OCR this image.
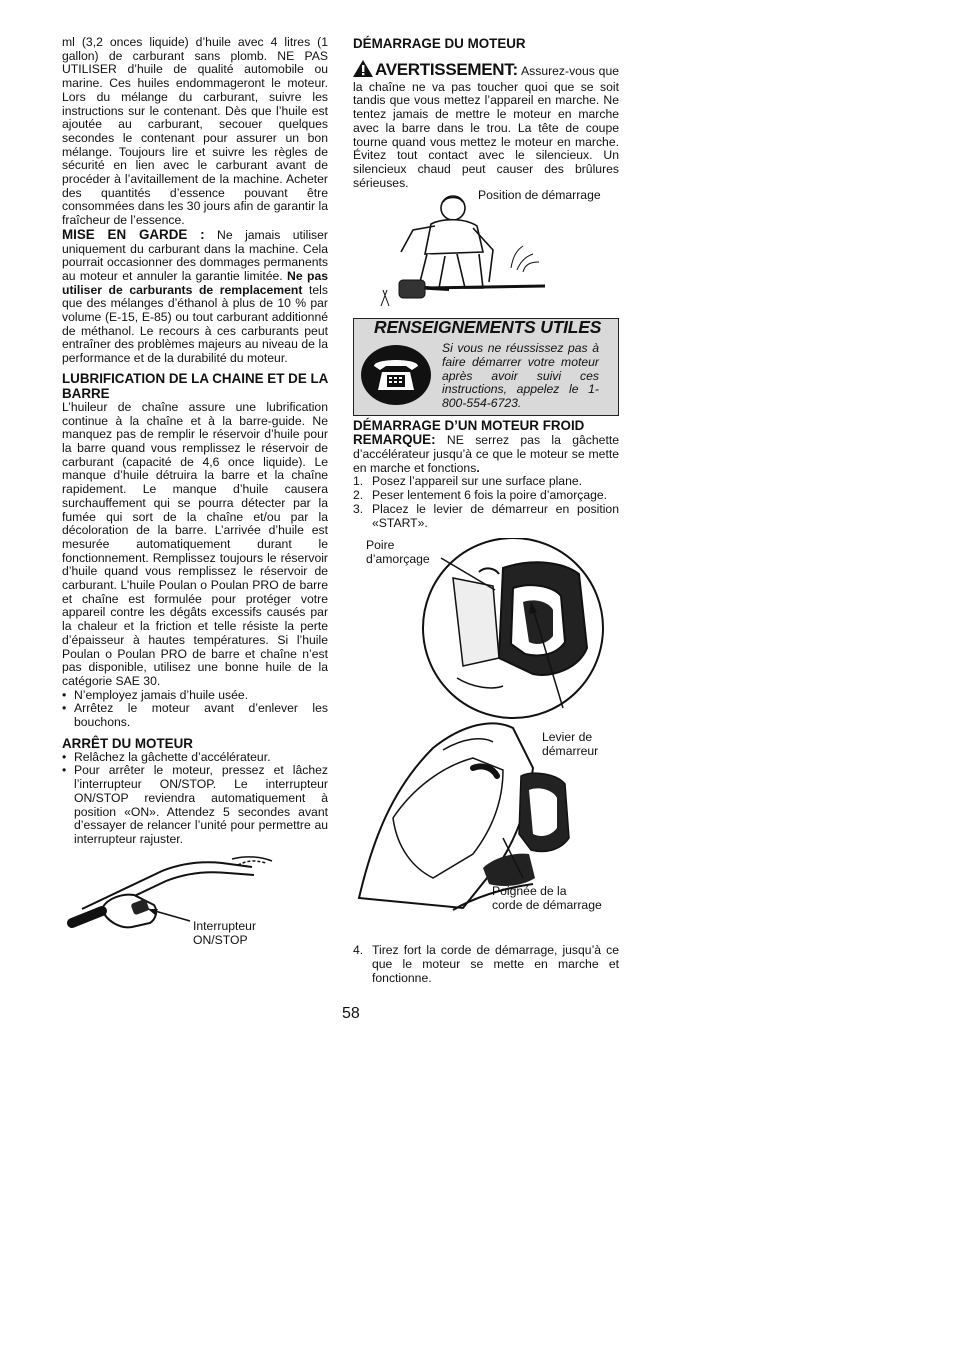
ml (3,2 onces liquide) d’huile avec 4 litres (1 gallon) de carburant sans plomb. NE PAS UTILISER d’huile de qualité automobile ou marine. Ces huiles endommageront le moteur. Lors du mélange du carburant, suivre les instructions sur le contenant. Dès que l’huile est ajoutée au carburant, secouer quelques secondes le contenant pour assurer un bon mélange. Toujours lire et suivre les règles de sécurité en lien avec le carburant avant de procéder à l’avitaillement de la machine. Acheter des quantités d’essence pouvant être consommées dans les 30 jours afin de garantir la fraîcheur de l’essence.

MISE EN GARDE : Ne jamais utiliser uniquement du carburant dans la machine. Cela pourrait occasionner des dommages permanents au moteur et annuler la garantie limitée. Ne pas utiliser de carburants de remplacement tels que des mélanges d’éthanol à plus de 10 % par volume (E-15, E-85) ou tout carburant additionné de méthanol. Le recours à ces carburants peut entraîner des problèmes majeurs au niveau de la performance et de la durabilité du moteur.

LUBRIFICATION DE LA CHAINE ET DE LA BARRE

L’huileur de chaîne assure une lubrification continue à la chaîne et à la barre-guide. Ne manquez pas de remplir le réservoir d’huile pour la barre quand vous remplissez le réservoir de carburant (capacité de 4,6 once liquide). Le manque d’huile détruira la barre et la chaîne rapidement. Le manque d’huile causera surchauffement qui se pourra détecter par la fumée qui sort de la chaîne et/ou par la décoloration de la barre. L’arrivée d’huile est mesurée automatiquement durant le fonctionnement. Remplissez toujours le réservoir d’huile quand vous remplissez le réservoir de carburant. L’huile Poulan o Poulan PRO de barre et chaîne est formulée pour protéger votre appareil contre les dégâts excessifs causés par la chaleur et la friction et telle résiste la perte d’épaisseur à hautes températures. Si l’huile Poulan o Poulan PRO de barre et chaîne n’est pas disponible, utilisez une bonne huile de la catégorie SAE 30.

• N’employez jamais d’huile usée.
• Arrêtez le moteur avant d’enlever les bouchons.
ARRÊT DU MOTEUR
• Relâchez la gâchette d’accélérateur.
• Pour arrêter le moteur, pressez et lâchez l’interrupteur ON/STOP. Le interrupteur ON/STOP reviendra automatiquement à position «ON». Attendez 5 secondes avant d’essayer de relancer l’unité pour permettre au interrupteur rajuster.
Interrupteur
ON/STOP
DÉMARRAGE DU MOTEUR

AVERTISSEMENT: Assurez-vous que la chaîne ne va pas toucher quoi que se soit tandis que vous mettez l’appareil en marche. Ne tentez jamais de mettre le moteur en marche avec la barre dans le trou. La tête de coupe tourne quand vous mettez le moteur en marche. Évitez tout contact avec le silencieux. Un silencieux chaud peut causer des brûlures sérieuses.

Position de démarrage
RENSEIGNEMENTS UTILES
Si vous ne réussissez pas à faire démarrer votre moteur après avoir suivi ces instructions, appelez le 1-800-554-6723.
DÉMARRAGE D’UN MOTEUR FROID

REMARQUE: NE serrez pas la gâchette d’accélérateur jusqu’à ce que le moteur se mette en marche et fonctions.

1. Posez l’appareil sur une surface plane.
2. Peser lentement 6 fois la poire d’amorçage.
3. Placez le levier de démarreur en position «START».
Poire
d’amorçage
Levier de
démarreur
Poignée de la
corde de démarrage
4. Tirez fort la corde de démarrage, jusqu’à ce que le moteur se mette en marche et fonctionne.
58
